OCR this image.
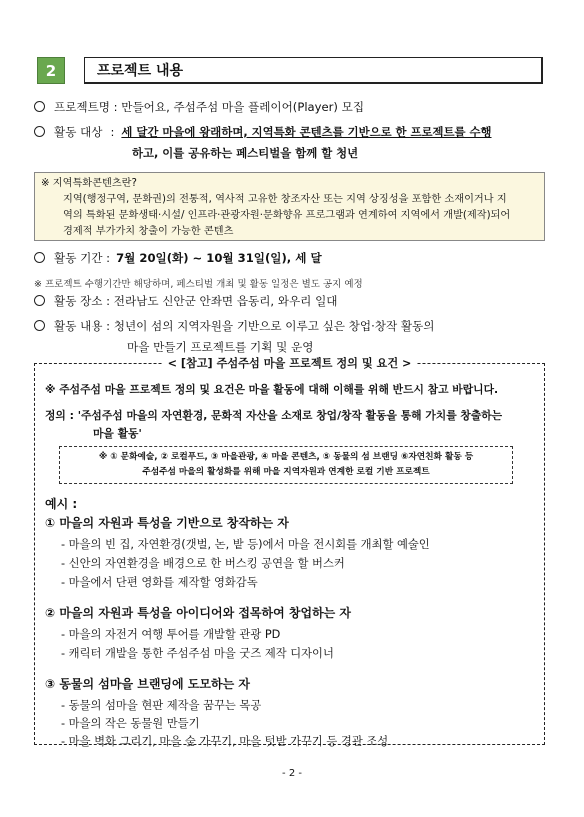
2	프로젝트 내용
프로젝트명 : 만들어요, 주섬주섬 마을 플레이어(Player) 모집
활동 대상 : 세 달간 마을에 왕래하며, 지역특화 콘텐츠를 기반으로 한 프로젝트를 수행
하고, 이를 공유하는 페스티벌을 함께 할 청년
※ 지역특화콘텐츠란?
지역(행정구역, 문화권)의 전통적, 역사적 고유한 창조자산 또는 지역 상징성을 포함한 소재이거나 지
역의 특화된 문화생태·시설/ 인프라·관광자원·문화향유 프로그램과 연계하여 지역에서 개발(제작)되어
경제적 부가가치 창출이 가능한 콘텐츠
활동 기간 : 7월 20일(화) ~ 10월 31일(일), 세 달
※ 프로젝트 수행기간만 해당하며, 페스티벌 개최 및 활동 일정은 별도 공지 예정
활동 장소 : 전라남도 신안군 안좌면 읍동리, 와우리 일대
활동 내용 : 청년이 섬의 지역자원을 기반으로 이루고 싶은 창업·창작 활동의
마을 만들기 프로젝트를 기획 및 운영
< [참고] 주섬주섬 마을 프로젝트 정의 및 요건 >
※ 주섬주섬 마을 프로젝트 정의 및 요건은 마을 활동에 대해 이해를 위해 반드시 참고 바랍니다.
정의 : '주섬주섬 마을의 자연환경, 문화적 자산을 소재로 창업/창작 활동을 통해 가치를 창출하는
마을 활동'
※ ① 문화예술, ② 로컬푸드, ③ 마을관광, ④ 마을 콘텐츠, ⑤ 동물의 섬 브랜딩 ⑥자연친화 활동 등
주섬주섬 마을의 활성화를 위해 마을 지역자원과 연계한 로컬 기반 프로젝트
예시 :
① 마을의 자원과 특성을 기반으로 창작하는 자
- 마을의 빈 집, 자연환경(갯벌, 논, 밭 등)에서 마을 전시회를 개최할 예술인
- 신안의 자연환경을 배경으로 한 버스킹 공연을 할 버스커
- 마을에서 단편 영화를 제작할 영화감독
② 마을의 자원과 특성을 아이디어와 접목하여 창업하는 자
- 마을의 자전거 여행 투어를 개발할 관광 PD
- 캐릭터 개발을 통한 주섬주섬 마을 굿즈 제작 디자이너
③ 동물의 섬마을 브랜딩에 도모하는 자
- 동물의 섬마을 현판 제작을 꿈꾸는 목공
- 마을의 작은 동물원 만들기
- 마을 벽화 그리기, 마을 숲 가꾸기, 마을 텃밭 가꾸기 등 경관 조성
- 2 -
